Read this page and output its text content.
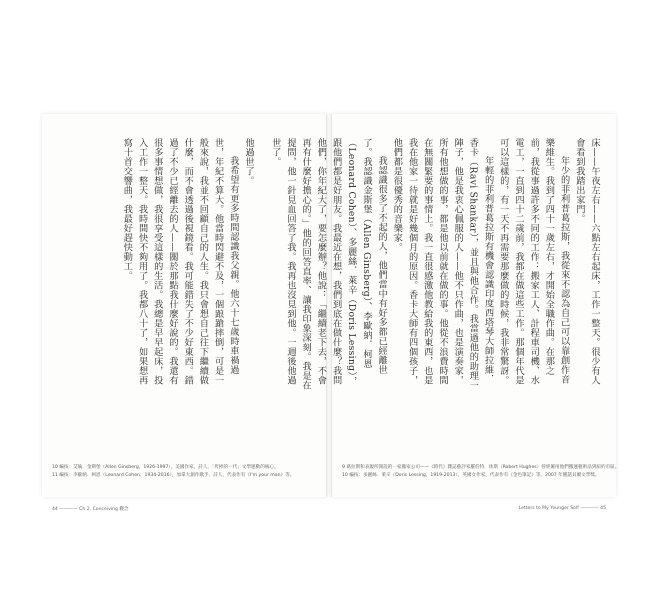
他過世了。

我希望有更多時間認識我父親。他六十七歲時車禍過世，年紀不算大。他當時閃避不及，一個踉蹌摔倒，可是一般來說，我並不回顧自己的人生。我只會想自己往下繼續做什麼，而不會透過後視鏡看。我可能錯失了不少好東西。錯過了不少已經離去的人——關於那點我什麼好說的。我還有很多事情想做，我很享受這樣的生活。我總是早早起床，投入工作一整天。我時間快不夠用了。我都八十了，如果想再寫十首交響曲，我最好趕快動工。

10 編按：艾倫．金斯堡（Allen Ginsberg，1926-1997），美國作家、詩人，「垮掉的一代」文學運動的核心。
11 編按：李歐納．柯恩（Leonard Cohen，1934-2016），加拿大創作歌手、詩人，代表作有《I'm your man》等。
44 ———— Ch 2. Conceiving 觀念

床——午夜左右——六點左右起床，工作一整天。很少有人會看到我踏出家門。

年少的菲利普葛拉斯，我從來不認為自己可以靠創作音樂維生。我到了四十一歲左右，才開始全職作曲。在那之前，我從事過許多不同的工作：搬家工人、計程車司機、水電工，一直到四十二歲前，我都在做這些工作。那個年代是可以這樣的，有一天不再需要那麼做的時候，我非常驚訝。

年輕的菲利普葛拉斯有機會認識印度西塔琴大師拉維．香卡（Ravi Shankar），並且與他合作。我當過他的助理一陣子，他是我衷心佩服的人——他不只作曲，也是演奏家，所有他想做的事，都是他以前就在做的事。他從不浪費時間在無關緊要的事情上。我一直很感激他教給我的東西，也是我在他家一待就是好幾個月的原因。香卡大師有四個孩子，他們都是很優秀的音樂家。

我認識很多了不起的人，他們當中有好多都已經離世了。我認識金斯堡（Allen Ginsberg）、李歐納．柯恩（Leonard Cohen）、多麗絲．萊辛（Doris Lessing），跟他們都是好朋友。我最近在想，我們到底在做什麼？我問他們，你年紀大了，要怎麼辦？他說：「繼續老下去，不會再有什麼好擔心的。」他的回答直率、讓我印象深刻。我是在提問，他一針見血回答了我。我再也沒見到他。一週後他過世了。

9 葛拉斯和表親所開設的一家搬家公司——《時代》雜誌藝評家羅伯特．休斯（Robert Hughes）曾經僱用他們搬運藝術品到紐約市區。
10 編按：多麗絲．萊辛（Doris Lessing，1919-2013），英國女作家，代表作有《金色筆記》等，2007 年獲諾貝爾文學獎。
Letters to My Younger Self ———— 45
